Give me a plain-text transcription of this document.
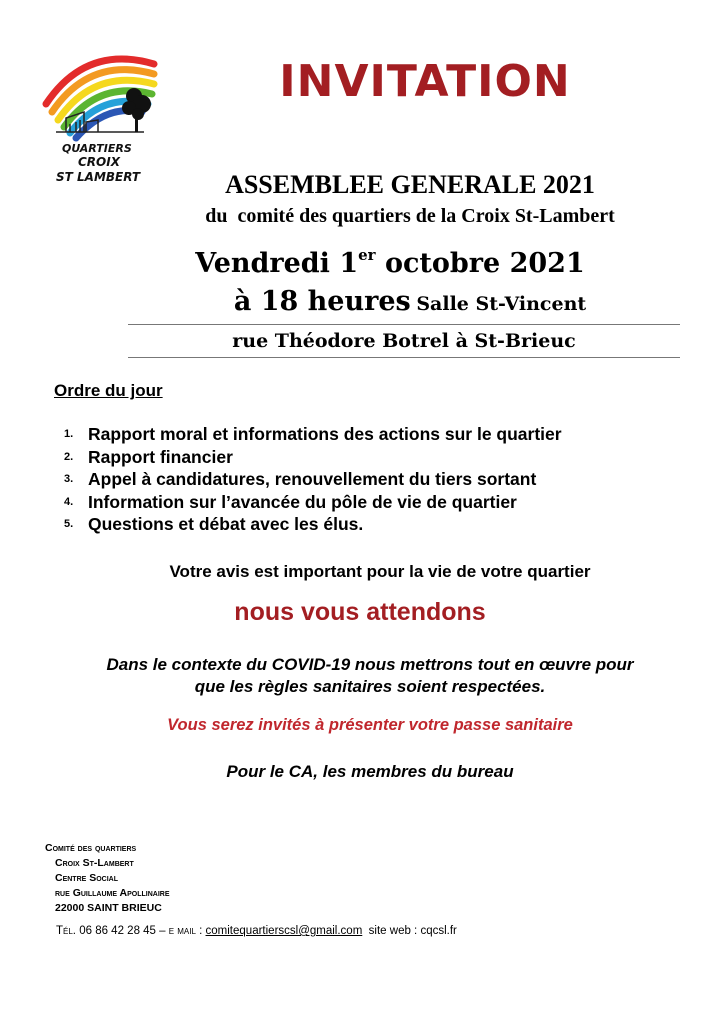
QUARTIERS
CROIX
ST LAMBERT
INVITATION
ASSEMBLEE GENERALE 2021
du  comité des quartiers de la Croix St-Lambert
Vendredi 1er octobre 2021
à 18 heures Salle St-Vincent
rue Théodore Botrel à St-Brieuc
Ordre du jour
1. Rapport moral et informations des actions sur le quartier
2. Rapport financier
3. Appel à candidatures, renouvellement du tiers sortant
4. Information sur l’avancée du pôle de vie de quartier
5. Questions et débat avec les élus.
Votre avis est important pour la vie de votre quartier
nous vous attendons
Dans le contexte du COVID-19 nous mettrons tout en œuvre pour
que les règles sanitaires soient respectées.
Vous serez invités à présenter votre passe sanitaire
Pour le CA, les membres du bureau
Comité des quartiers
Croix St-Lambert
Centre Social
rue Guillaume Apollinaire
22000 SAINT BRIEUC
Tél. 06 86 42 28 45 – e mail : comitequartierscsl@gmail.com  site web : cqcsl.fr
